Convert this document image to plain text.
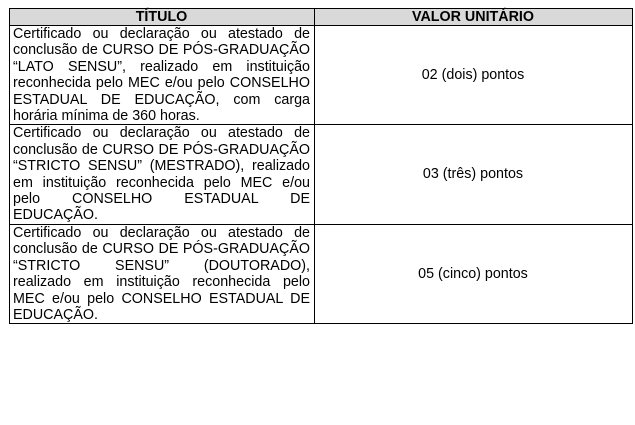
TÍTULO	VALOR UNITÁRIO
Certificado ou declaração ou atestado de conclusão de CURSO DE PÓS-GRADUAÇÃO “LATO SENSU”, realizado em instituição reconhecida pelo MEC e/ou pelo CONSELHO ESTADUAL DE EDUCAÇÃO, com carga horária mínima de 360 horas.	02 (dois) pontos
Certificado ou declaração ou atestado de conclusão de CURSO DE PÓS-GRADUAÇÃO “STRICTO SENSU” (MESTRADO), realizado em instituição reconhecida pelo MEC e/ou pelo CONSELHO ESTADUAL DE EDUCAÇÃO.	03 (três) pontos
Certificado ou declaração ou atestado de conclusão de CURSO DE PÓS-GRADUAÇÃO “STRICTO SENSU” (DOUTORADO), realizado em instituição reconhecida pelo MEC e/ou pelo CONSELHO ESTADUAL DE EDUCAÇÃO.	05 (cinco) pontos
